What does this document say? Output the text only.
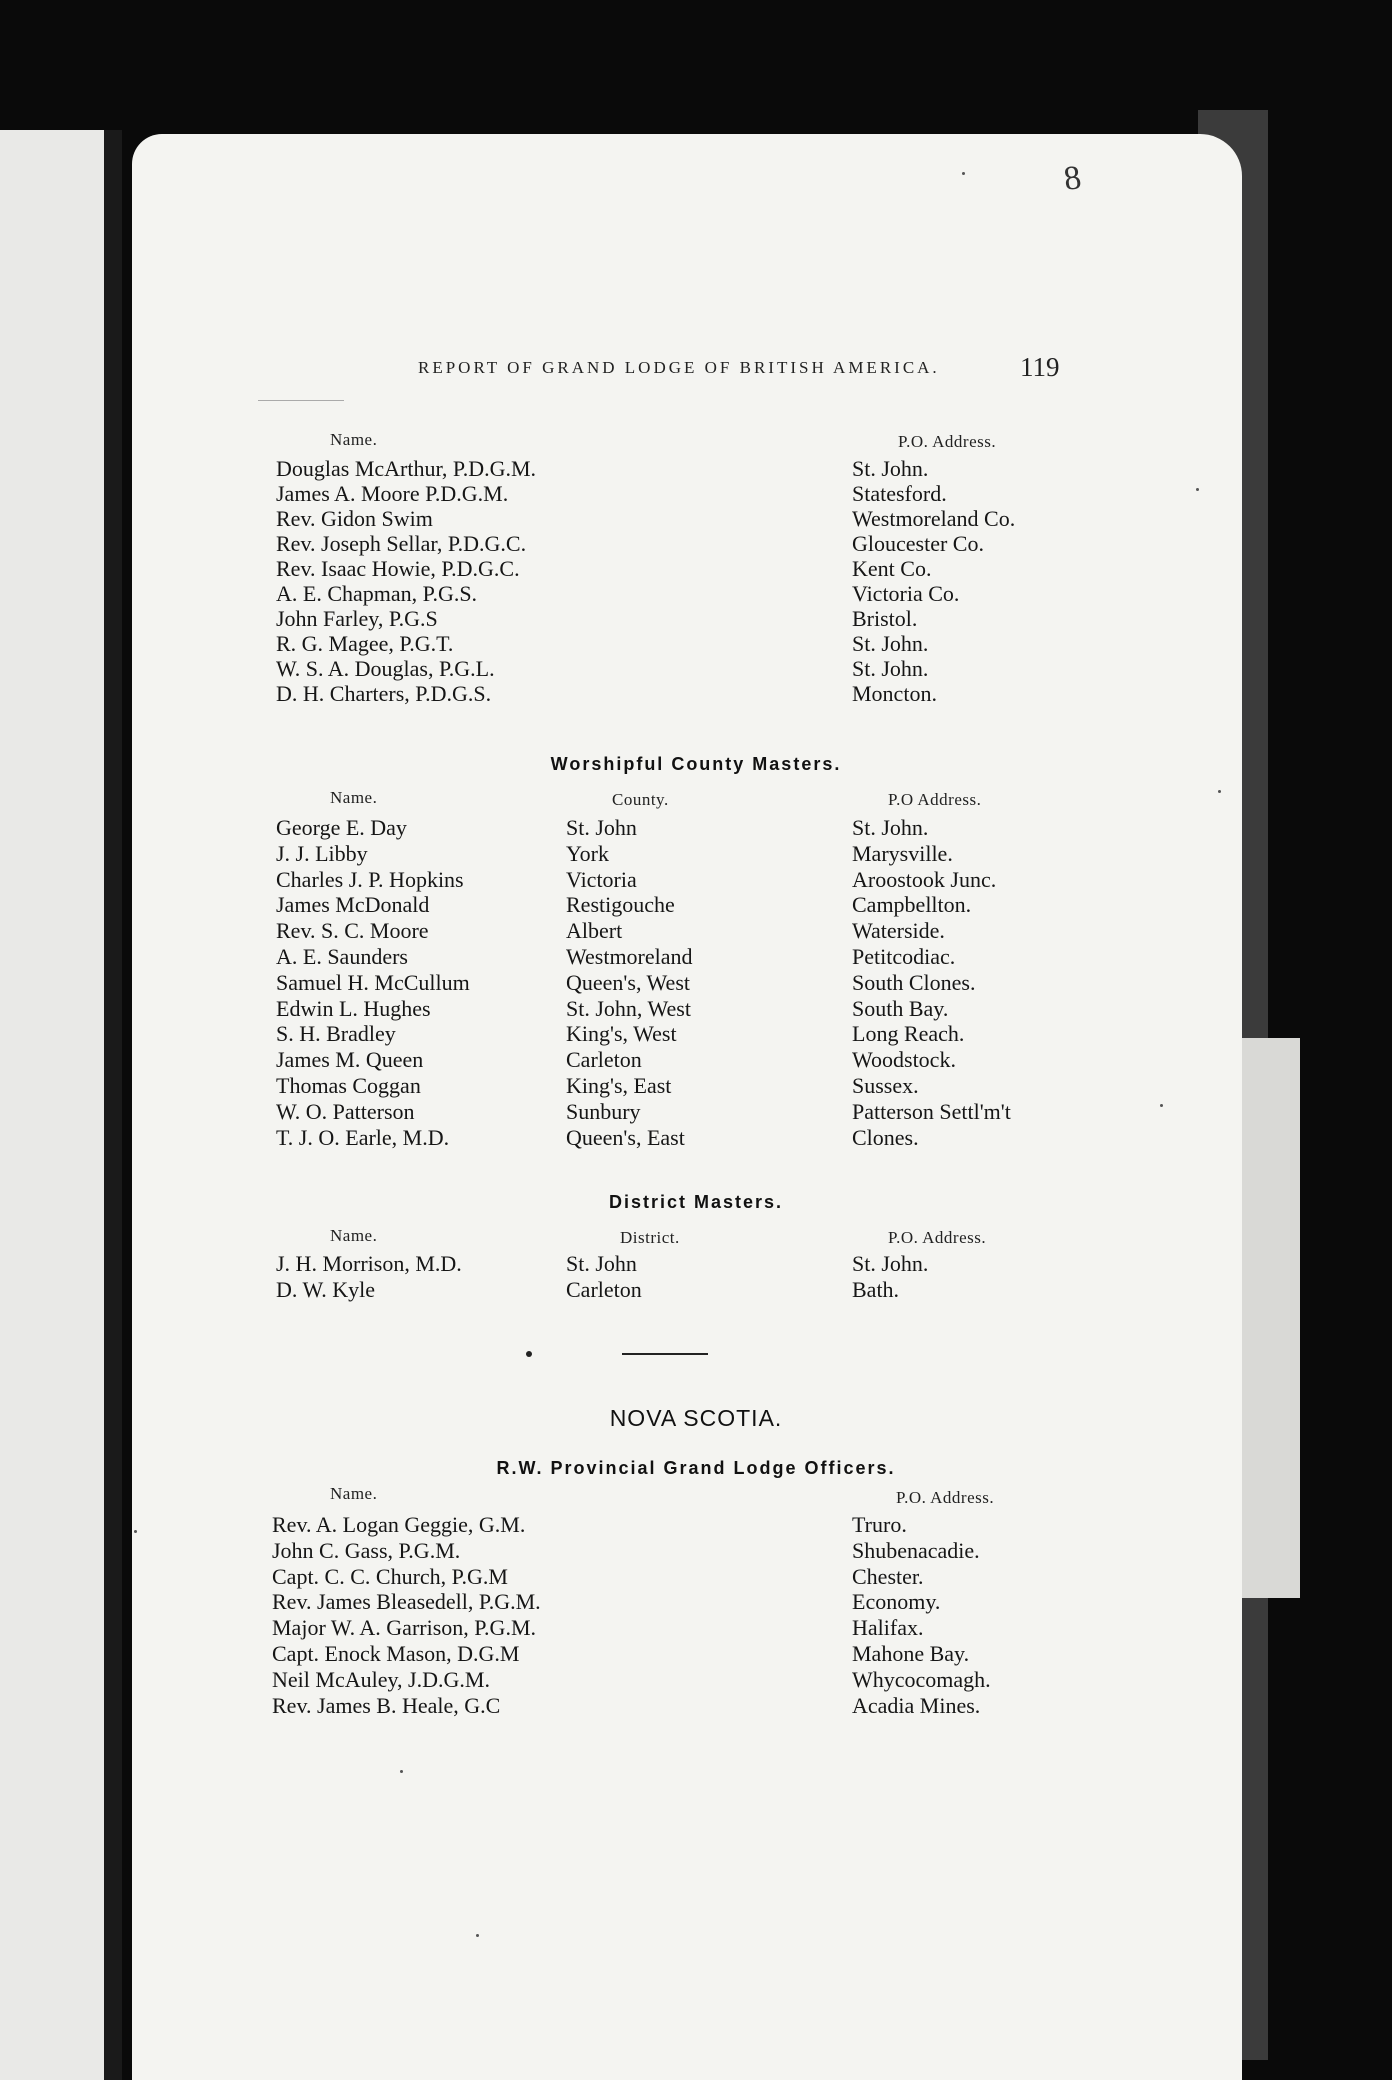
8
REPORT OF GRAND LODGE OF BRITISH AMERICA.	119
Name.	P.O. Address.
Douglas McArthur, P.D.G.M.	St. John.
James A. Moore P.D.G.M.	Statesford.
Rev. Gidon Swim	Westmoreland Co.
Rev. Joseph Sellar, P.D.G.C.	Gloucester Co.
Rev. Isaac Howie, P.D.G.C.	Kent Co.
A. E. Chapman, P.G.S.	Victoria Co.
John Farley, P.G.S	Bristol.
R. G. Magee, P.G.T.	St. John.
W. S. A. Douglas, P.G.L.	St. John.
D. H. Charters, P.D.G.S.	Moncton.
Worshipful County Masters.
Name.	County.	P.O Address.
George E. Day	St. John	St. John.
J. J. Libby	York	Marysville.
Charles J. P. Hopkins	Victoria	Aroostook Junc.
James McDonald	Restigouche	Campbellton.
Rev. S. C. Moore	Albert	Waterside.
A. E. Saunders	Westmoreland	Petitcodiac.
Samuel H. McCullum	Queen's, West	South Clones.
Edwin L. Hughes	St. John, West	South Bay.
S. H. Bradley	King's, West	Long Reach.
James M. Queen	Carleton	Woodstock.
Thomas Coggan	King's, East	Sussex.
W. O. Patterson	Sunbury	Patterson Settl'm't
T. J. O. Earle, M.D.	Queen's, East	Clones.
District Masters.
Name.	District.	P.O. Address.
J. H. Morrison, M.D.	St. John	St. John.
D. W. Kyle	Carleton	Bath.
NOVA SCOTIA.
R.W. Provincial Grand Lodge Officers.
Name.	P.O. Address.
Rev. A. Logan Geggie, G.M.	Truro.
John C. Gass, P.G.M.	Shubenacadie.
Capt. C. C. Church, P.G.M	Chester.
Rev. James Bleasedell, P.G.M.	Economy.
Major W. A. Garrison, P.G.M.	Halifax.
Capt. Enock Mason, D.G.M	Mahone Bay.
Neil McAuley, J.D.G.M.	Whycocomagh.
Rev. James B. Heale, G.C	Acadia Mines.
